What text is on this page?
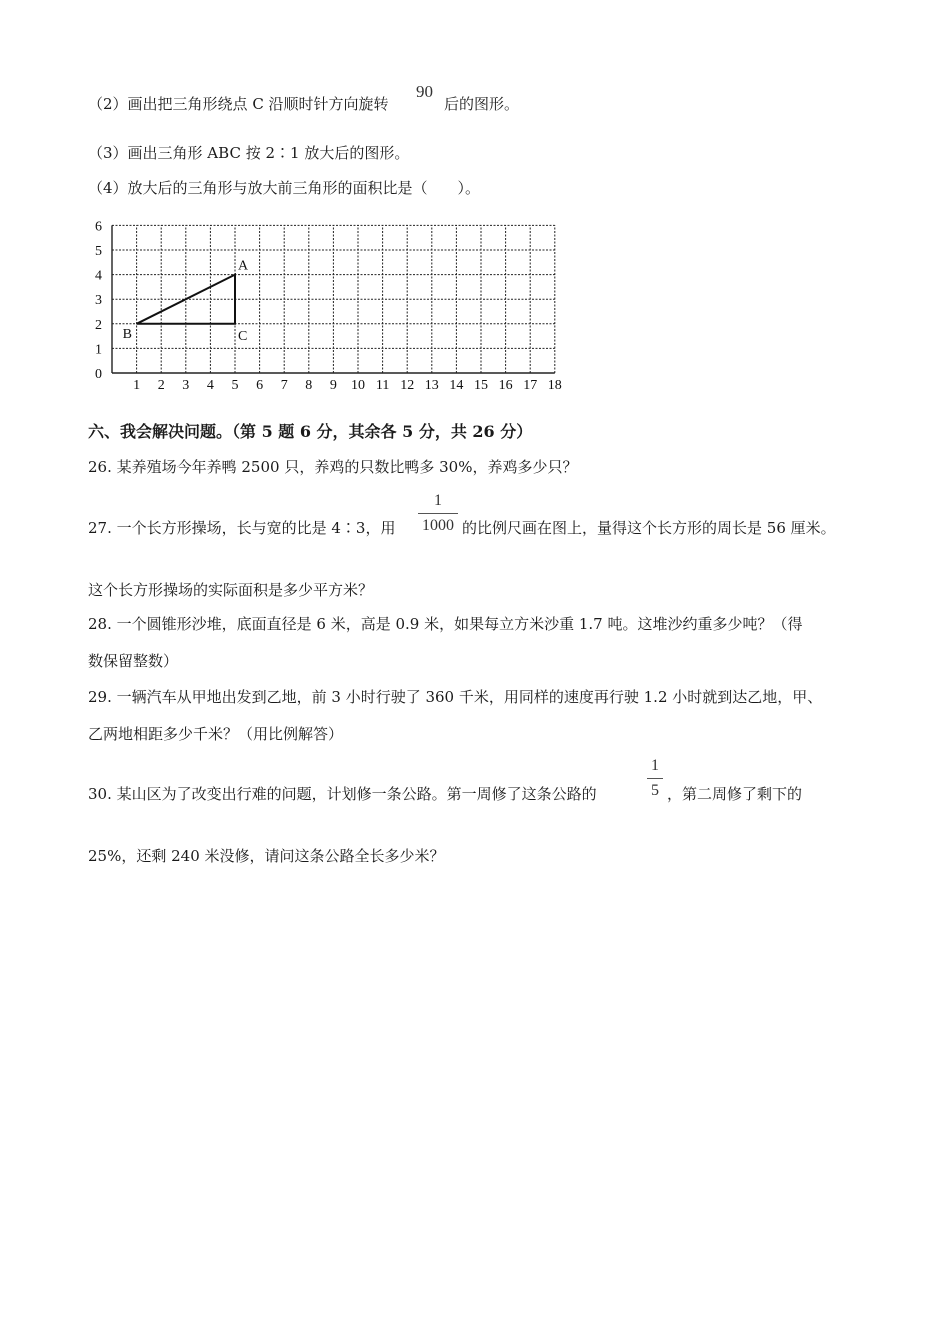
（2）画出把三角形绕点 C 沿顺时针方向旋转
90
后的图形。
（3）画出三角形 ABC 按 2∶1 放大后的图形。
（4）放大后的三角形与放大前三角形的面积比是（　　）。
1 2 3 4 5 6 7 8 9 10 11 12 13 14 15 16 17 18
0
1
2
3
4
5
6
A
B	C
六、我会解决问题。（第 5 题 6 分，其余各 5 分，共 26 分）
26. 某养殖场今年养鸭 2500 只，养鸡的只数比鸭多 30%，养鸡多少只？
27. 一个长方形操场，长与宽的比是 4∶3，用 $\frac{1}{1000}$ 的比例尺画在图上，量得这个长方形的周长是 56 厘米。
这个长方形操场的实际面积是多少平方米？
28. 一个圆锥形沙堆，底面直径是 6 米，高是 0.9 米，如果每立方米沙重 1.7 吨。这堆沙约重多少吨？（得
数保留整数）
29. 一辆汽车从甲地出发到乙地，前 3 小时行驶了 360 千米，用同样的速度再行驶 1.2 小时就到达乙地，甲、
乙两地相距多少千米？（用比例解答）
30. 某山区为了改变出行难的问题，计划修一条公路。第一周修了这条公路的	$\frac{1}{5}$ ，第二周修了剩下的
25%，还剩 240 米没修，请问这条公路全长多少米？
